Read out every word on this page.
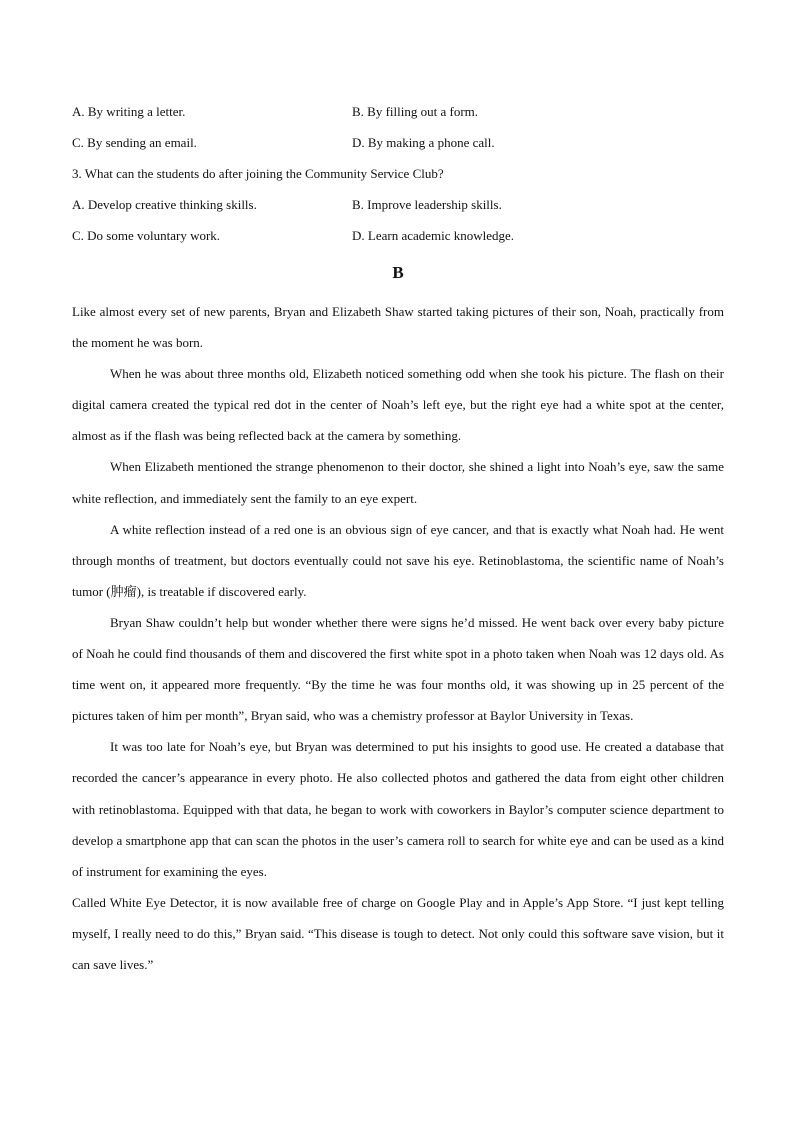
A. By writing a letter.	B. By filling out a form.
C. By sending an email.	D. By making a phone call.
3. What can the students do after joining the Community Service Club?
A. Develop creative thinking skills.	B. Improve leadership skills.
C. Do some voluntary work.	D. Learn academic knowledge.
B

Like almost every set of new parents, Bryan and Elizabeth Shaw started taking pictures of their son, Noah, practically from the moment he was born.

When he was about three months old, Elizabeth noticed something odd when she took his picture. The flash on their digital camera created the typical red dot in the center of Noah’s left eye, but the right eye had a white spot at the center, almost as if the flash was being reflected back at the camera by something.

When Elizabeth mentioned the strange phenomenon to their doctor, she shined a light into Noah’s eye, saw the same white reflection, and immediately sent the family to an eye expert.

A white reflection instead of a red one is an obvious sign of eye cancer, and that is exactly what Noah had. He went through months of treatment, but doctors eventually could not save his eye. Retinoblastoma, the scientific name of Noah’s tumor (肿瘤), is treatable if discovered early.

Bryan Shaw couldn’t help but wonder whether there were signs he’d missed. He went back over every baby picture of Noah he could find thousands of them and discovered the first white spot in a photo taken when Noah was 12 days old. As time went on, it appeared more frequently. “By the time he was four months old, it was showing up in 25 percent of the pictures taken of him per month”, Bryan said, who was a chemistry professor at Baylor University in Texas.

It was too late for Noah’s eye, but Bryan was determined to put his insights to good use. He created a database that recorded the cancer’s appearance in every photo. He also collected photos and gathered the data from eight other children with retinoblastoma. Equipped with that data, he began to work with coworkers in Baylor’s computer science department to develop a smartphone app that can scan the photos in the user’s camera roll to search for white eye and can be used as a kind of instrument for examining the eyes.

Called White Eye Detector, it is now available free of charge on Google Play and in Apple’s App Store. “I just kept telling myself, I really need to do this,” Bryan said. “This disease is tough to detect. Not only could this software save vision, but it can save lives.”
